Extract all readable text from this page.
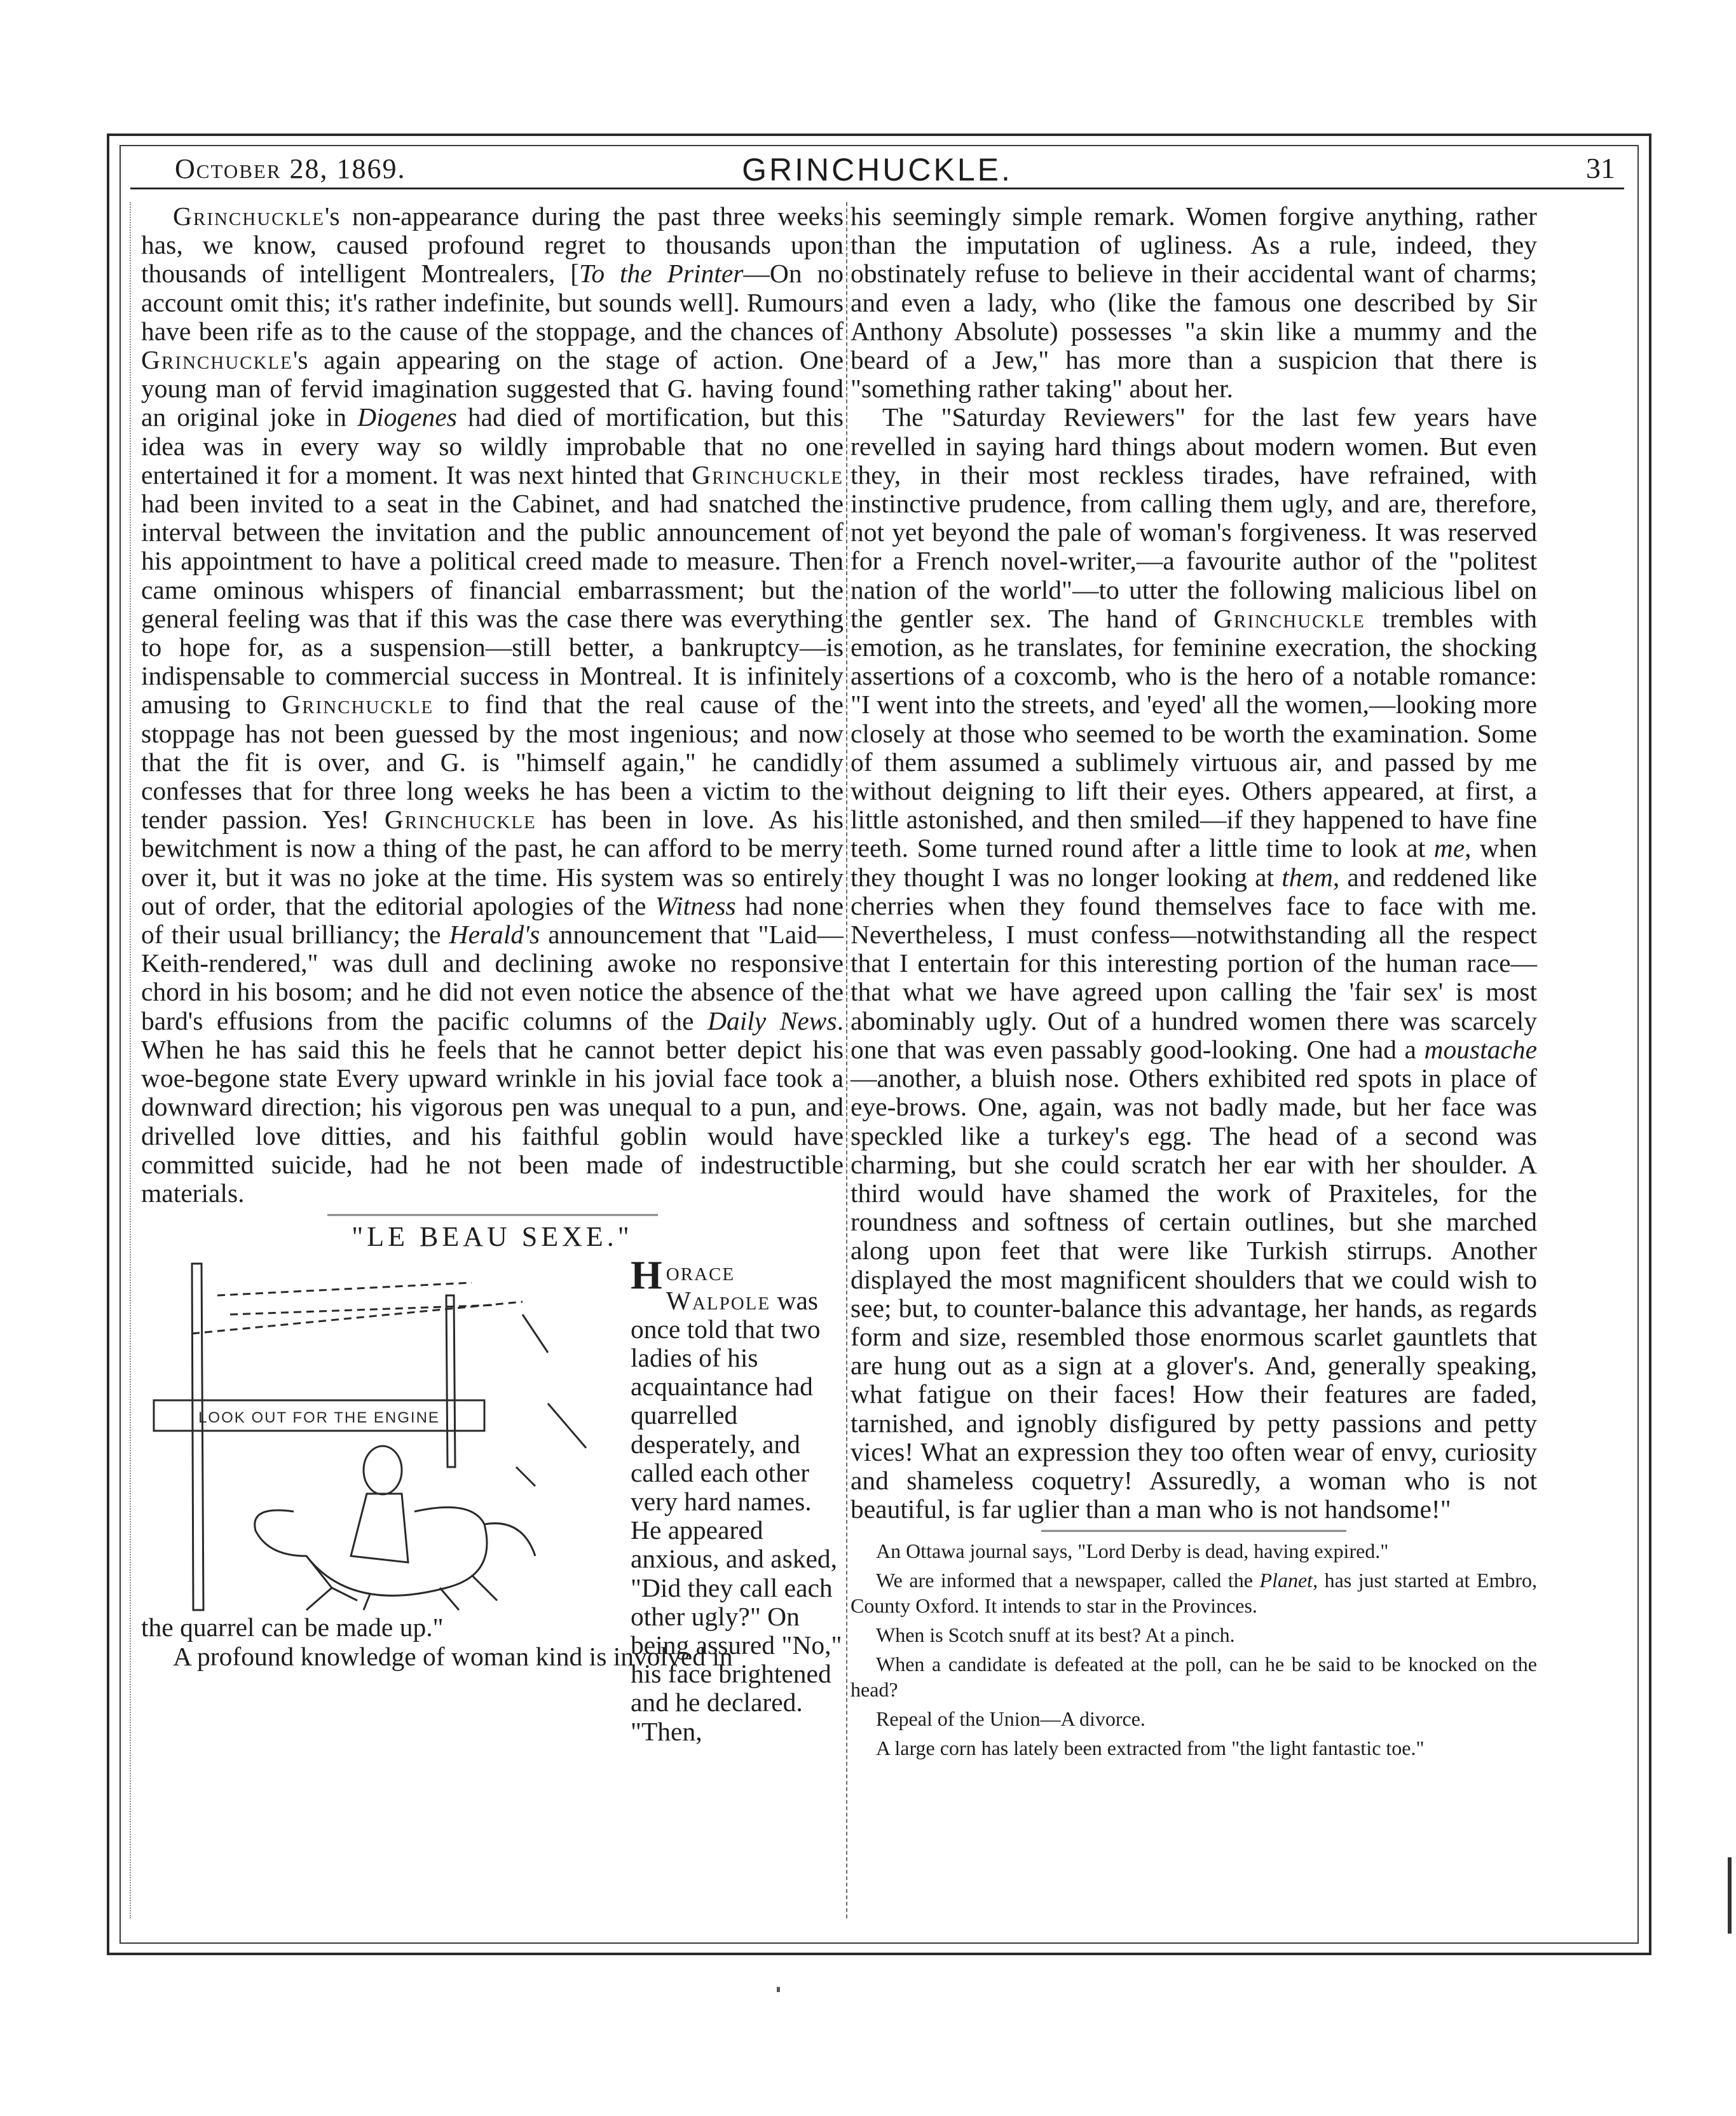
October 28, 1869.	GRINCHUCKLE.	31

Grinchuckle's non-appearance during the past three weeks has, we know, caused profound regret to thousands upon thousands of intelligent Montrealers, [To the Printer—On no account omit this; it's rather indefinite, but sounds well]. Rumours have been rife as to the cause of the stoppage, and the chances of Grinchuckle's again appearing on the stage of action. One young man of fervid imagination suggested that G. having found an original joke in Diogenes had died of mortification, but this idea was in every way so wildly improbable that no one entertained it for a moment. It was next hinted that Grinchuckle had been invited to a seat in the Cabinet, and had snatched the interval between the invitation and the public announcement of his appointment to have a political creed made to measure. Then came ominous whispers of financial embarrassment; but the general feeling was that if this was the case there was everything to hope for, as a suspension—still better, a bankruptcy—is indispensable to commercial success in Montreal. It is infinitely amusing to Grinchuckle to find that the real cause of the stoppage has not been guessed by the most ingenious; and now that the fit is over, and G. is "himself again," he candidly confesses that for three long weeks he has been a victim to the tender passion. Yes! Grinchuckle has been in love. As his bewitchment is now a thing of the past, he can afford to be merry over it, but it was no joke at the time. His system was so entirely out of order, that the editorial apologies of the Witness had none of their usual brilliancy; the Herald's announcement that "Laid—Keith-rendered," was dull and declining awoke no responsive chord in his bosom; and he did not even notice the absence of the bard's effusions from the pacific columns of the Daily News. When he has said this he feels that he cannot better depict his woe-begone state Every upward wrinkle in his jovial face took a downward direction; his vigorous pen was unequal to a pun, and drivelled love ditties, and his faithful goblin would have committed suicide, had he not been made of indestructible materials.

"LE BEAU SEXE."
LOOK OUT FOR THE ENGINE
Horace Walpole was once told that two ladies of his acquaintance had quarrelled desperately, and called each other very hard names. He appeared anxious, and asked, "Did they call each other ugly?" On being assured "No," his face brightened and he declared. "Then,

the quarrel can be made up."

A profound knowledge of woman kind is involved in

his seemingly simple remark. Women forgive anything, rather than the imputation of ugliness. As a rule, indeed, they obstinately refuse to believe in their accidental want of charms; and even a lady, who (like the famous one described by Sir Anthony Absolute) possesses "a skin like a mummy and the beard of a Jew," has more than a suspicion that there is "something rather taking" about her.

The "Saturday Reviewers" for the last few years have revelled in saying hard things about modern women. But even they, in their most reckless tirades, have refrained, with instinctive prudence, from calling them ugly, and are, therefore, not yet beyond the pale of woman's forgiveness. It was reserved for a French novel-writer,—a favourite author of the "politest nation of the world"—to utter the following malicious libel on the gentler sex. The hand of Grinchuckle trembles with emotion, as he translates, for feminine execration, the shocking assertions of a coxcomb, who is the hero of a notable romance: "I went into the streets, and 'eyed' all the women,—looking more closely at those who seemed to be worth the examination. Some of them assumed a sublimely virtuous air, and passed by me without deigning to lift their eyes. Others appeared, at first, a little astonished, and then smiled—if they happened to have fine teeth. Some turned round after a little time to look at me, when they thought I was no longer looking at them, and reddened like cherries when they found themselves face to face with me. Nevertheless, I must confess—notwithstanding all the respect that I entertain for this interesting portion of the human race—that what we have agreed upon calling the 'fair sex' is most abominably ugly. Out of a hundred women there was scarcely one that was even passably good-looking. One had a moustache—another, a bluish nose. Others exhibited red spots in place of eye-brows. One, again, was not badly made, but her face was speckled like a turkey's egg. The head of a second was charming, but she could scratch her ear with her shoulder. A third would have shamed the work of Praxiteles, for the roundness and softness of certain outlines, but she marched along upon feet that were like Turkish stirrups. Another displayed the most magnificent shoulders that we could wish to see; but, to counter-balance this advantage, her hands, as regards form and size, resembled those enormous scarlet gauntlets that are hung out as a sign at a glover's. And, generally speaking, what fatigue on their faces! How their features are faded, tarnished, and ignobly disfigured by petty passions and petty vices! What an expression they too often wear of envy, curiosity and shameless coquetry! Assuredly, a woman who is not beautiful, is far uglier than a man who is not handsome!"

An Ottawa journal says, "Lord Derby is dead, having expired."

We are informed that a newspaper, called the Planet, has just started at Embro, County Oxford. It intends to star in the Provinces.

When is Scotch snuff at its best? At a pinch.

When a candidate is defeated at the poll, can he be said to be knocked on the head?

Repeal of the Union—A divorce.

A large corn has lately been extracted from "the light fantastic toe."
